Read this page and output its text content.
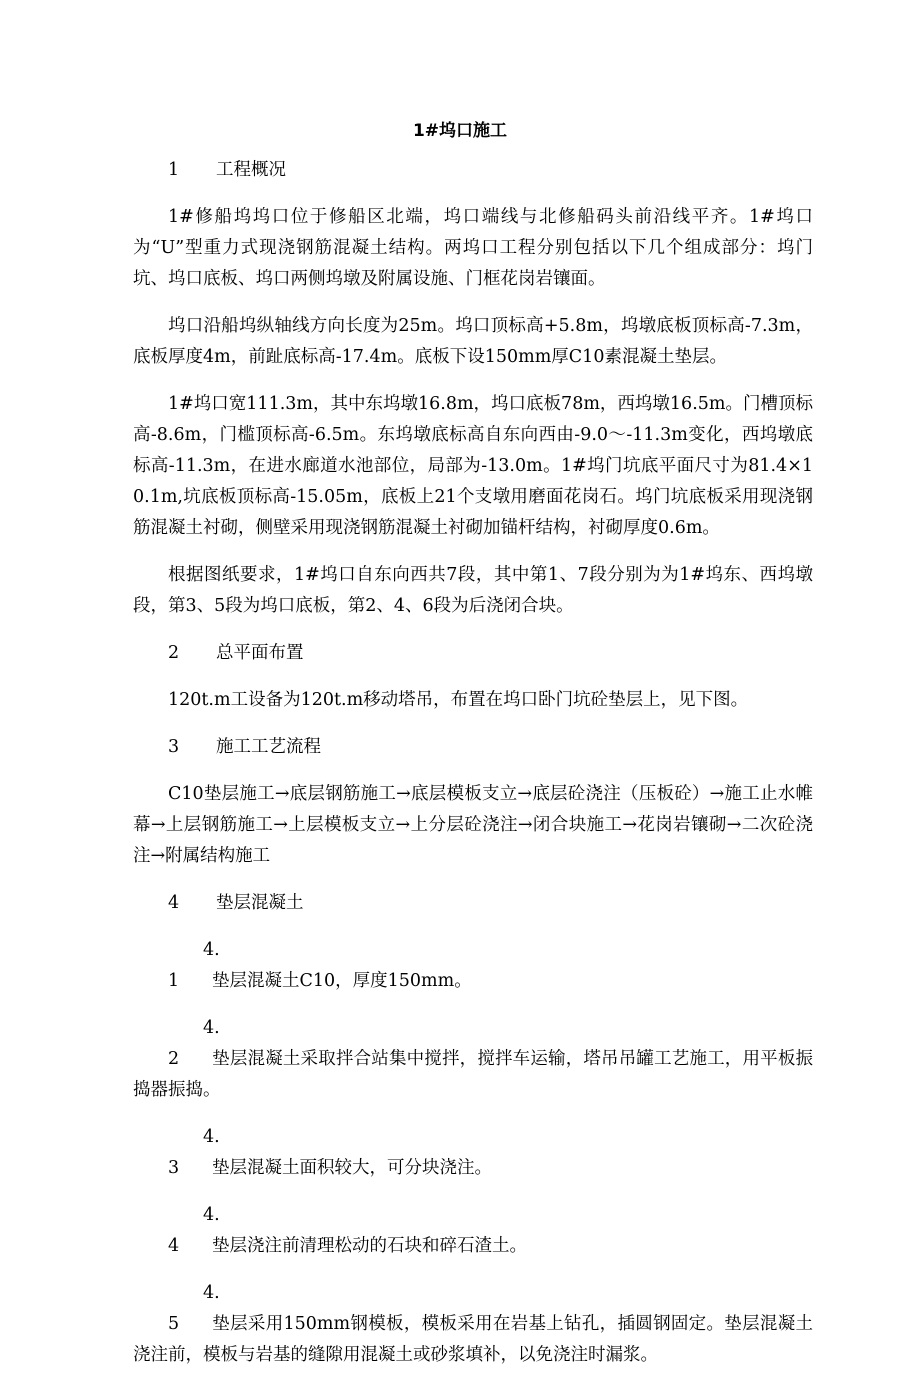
1#坞口施工

1	工程概况

1#修船坞坞口位于修船区北端，坞口端线与北修船码头前沿线平齐。1#坞口为“U”型重力式现浇钢筋混凝土结构。两坞口工程分别包括以下几个组成部分：坞门坑、坞口底板、坞口两侧坞墩及附属设施、门框花岗岩镶面。

坞口沿船坞纵轴线方向长度为25m。坞口顶标高+5.8m，坞墩底板顶标高-7.3m，底板厚度4m，前趾底标高-17.4m。底板下设150mm厚C10素混凝土垫层。

1#坞口宽111.3m，其中东坞墩16.8m，坞口底板78m，西坞墩16.5m。门槽顶标高-8.6m，门槛顶标高-6.5m。东坞墩底标高自东向西由-9.0～-11.3m变化，西坞墩底标高-11.3m，在进水廊道水池部位，局部为-13.0m。1#坞门坑底平面尺寸为81.4×10.1m,坑底板顶标高-15.05m，底板上21个支墩用磨面花岗石。坞门坑底板采用现浇钢筋混凝土衬砌，侧壁采用现浇钢筋混凝土衬砌加锚杆结构，衬砌厚度0.6m。

根据图纸要求，1#坞口自东向西共7段，其中第1、7段分别为为1#坞东、西坞墩段，第3、5段为坞口底板，第2、4、6段为后浇闭合块。

2	总平面布置

120t.m工设备为120t.m移动塔吊，布置在坞口卧门坑砼垫层上，见下图。

3	施工工艺流程

C10垫层施工→底层钢筋施工→底层模板支立→底层砼浇注（压板砼）→施工止水帷幕→上层钢筋施工→上层模板支立→上分层砼浇注→闭合块施工→花岗岩镶砌→二次砼浇注→附属结构施工

4	垫层混凝土

4.1 垫层混凝土C10，厚度150mm。

4.2 垫层混凝土采取拌合站集中搅拌，搅拌车运输，塔吊吊罐工艺施工，用平板振捣器振捣。

4.3 垫层混凝土面积较大，可分块浇注。

4.4 垫层浇注前清理松动的石块和碎石渣土。

4.5 垫层采用150mm钢模板，模板采用在岩基上钻孔，插圆钢固定。垫层混凝土浇注前，模板与岩基的缝隙用混凝土或砂浆填补，以免浇注时漏浆。
